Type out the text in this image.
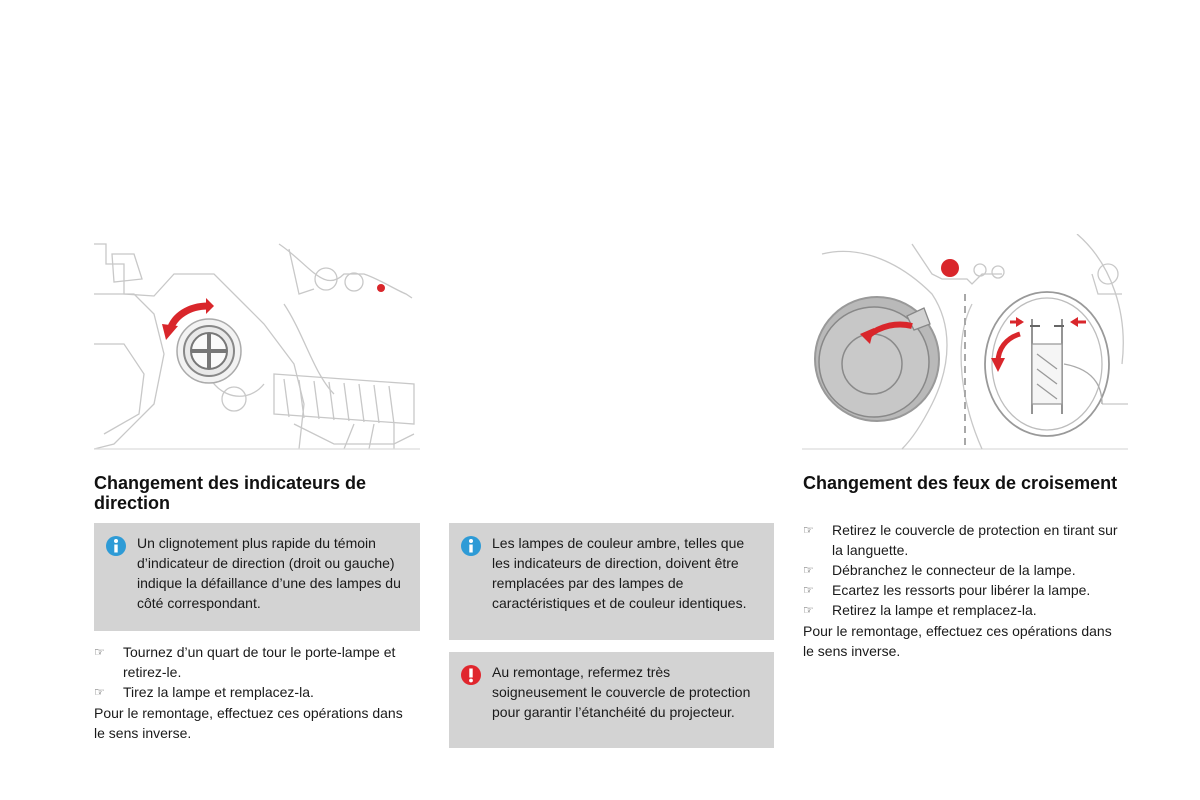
Changement des indicateurs de direction

Un clignotement plus rapide du témoin d’indicateur de direction (droit ou gauche) indique la défaillance d’une des lampes du côté correspondant.

☞ Tournez d’un quart de tour le porte-lampe et retirez-le.
☞ Tirez la lampe et remplacez-la.

Pour le remontage, effectuez ces opérations dans le sens inverse.

Les lampes de couleur ambre, telles que les indicateurs de direction, doivent être remplacées par des lampes de caractéristiques et de couleur identiques.

Au remontage, refermez très soigneusement le couvercle de protection pour garantir l’étanchéité du projecteur.

Changement des feux de croisement
☞ Retirez le couvercle de protection en tirant sur la languette.
☞ Débranchez le connecteur de la lampe.
☞ Ecartez les ressorts pour libérer la lampe.
☞ Retirez la lampe et remplacez-la.

Pour le remontage, effectuez ces opérations dans le sens inverse.
